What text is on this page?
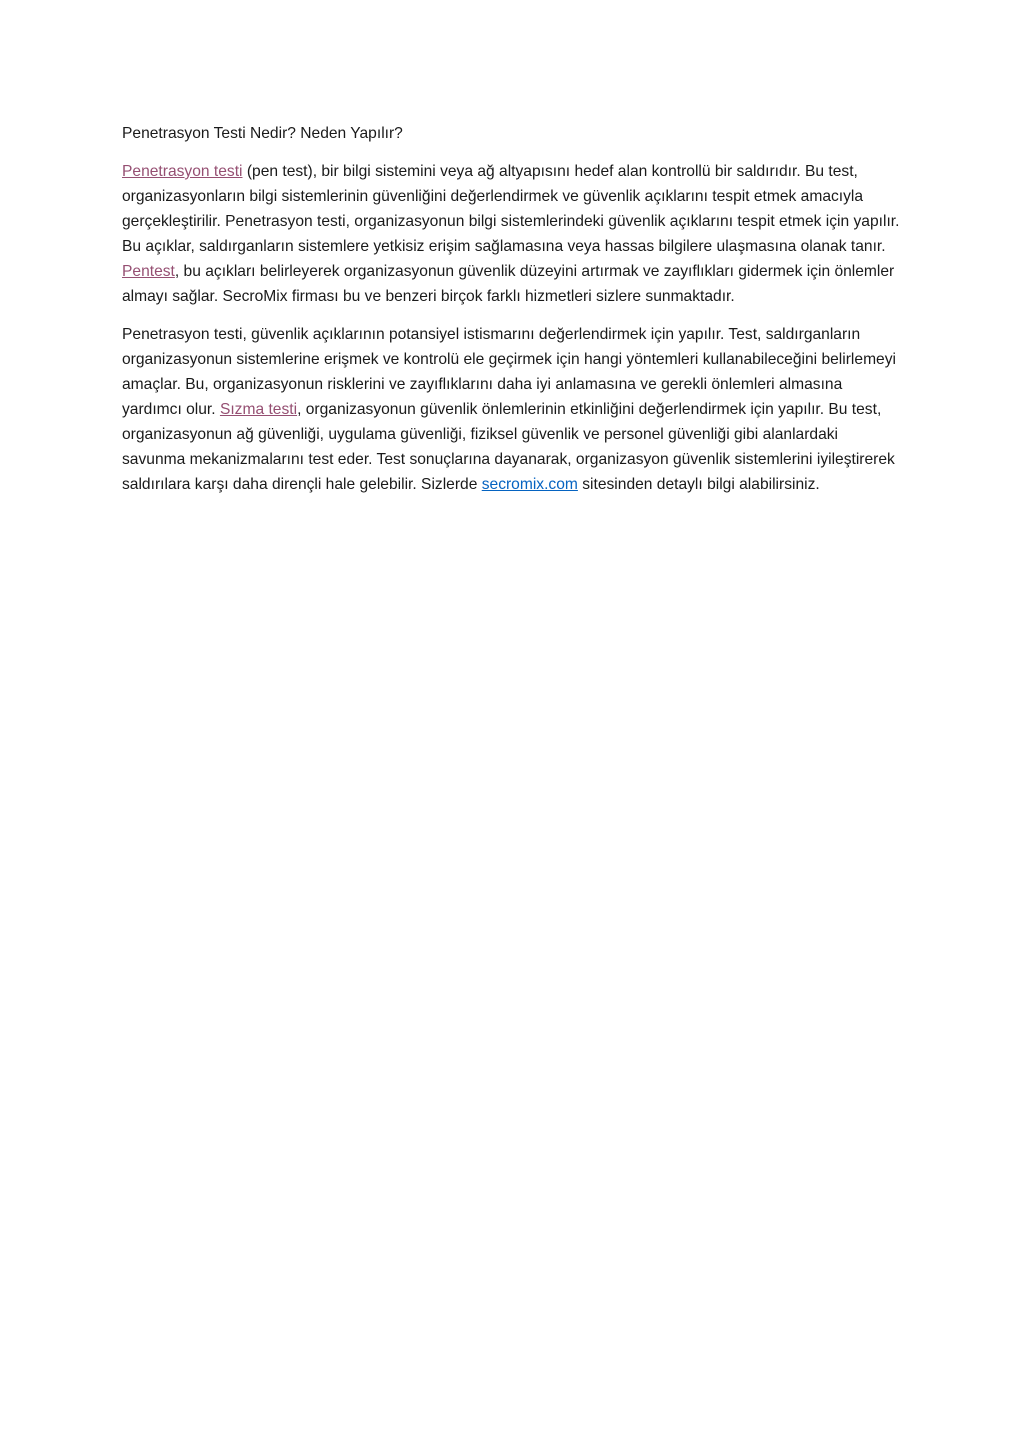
Penetrasyon Testi Nedir? Neden Yapılır?

Penetrasyon testi (pen test), bir bilgi sistemini veya ağ altyapısını hedef alan kontrollü bir saldırıdır. Bu test, organizasyonların bilgi sistemlerinin güvenliğini değerlendirmek ve güvenlik açıklarını tespit etmek amacıyla gerçekleştirilir. Penetrasyon testi, organizasyonun bilgi sistemlerindeki güvenlik açıklarını tespit etmek için yapılır. Bu açıklar, saldırganların sistemlere yetkisiz erişim sağlamasına veya hassas bilgilere ulaşmasına olanak tanır. Pentest, bu açıkları belirleyerek organizasyonun güvenlik düzeyini artırmak ve zayıflıkları gidermek için önlemler almayı sağlar. SecroMix firması bu ve benzeri birçok farklı hizmetleri sizlere sunmaktadır.

Penetrasyon testi, güvenlik açıklarının potansiyel istismarını değerlendirmek için yapılır. Test, saldırganların organizasyonun sistemlerine erişmek ve kontrolü ele geçirmek için hangi yöntemleri kullanabileceğini belirlemeyi amaçlar. Bu, organizasyonun risklerini ve zayıflıklarını daha iyi anlamasına ve gerekli önlemleri almasına yardımcı olur. Sızma testi, organizasyonun güvenlik önlemlerinin etkinliğini değerlendirmek için yapılır. Bu test, organizasyonun ağ güvenliği, uygulama güvenliği, fiziksel güvenlik ve personel güvenliği gibi alanlardaki savunma mekanizmalarını test eder. Test sonuçlarına dayanarak, organizasyon güvenlik sistemlerini iyileştirerek saldırılara karşı daha dirençli hale gelebilir. Sizlerde secromix.com sitesinden detaylı bilgi alabilirsiniz.
